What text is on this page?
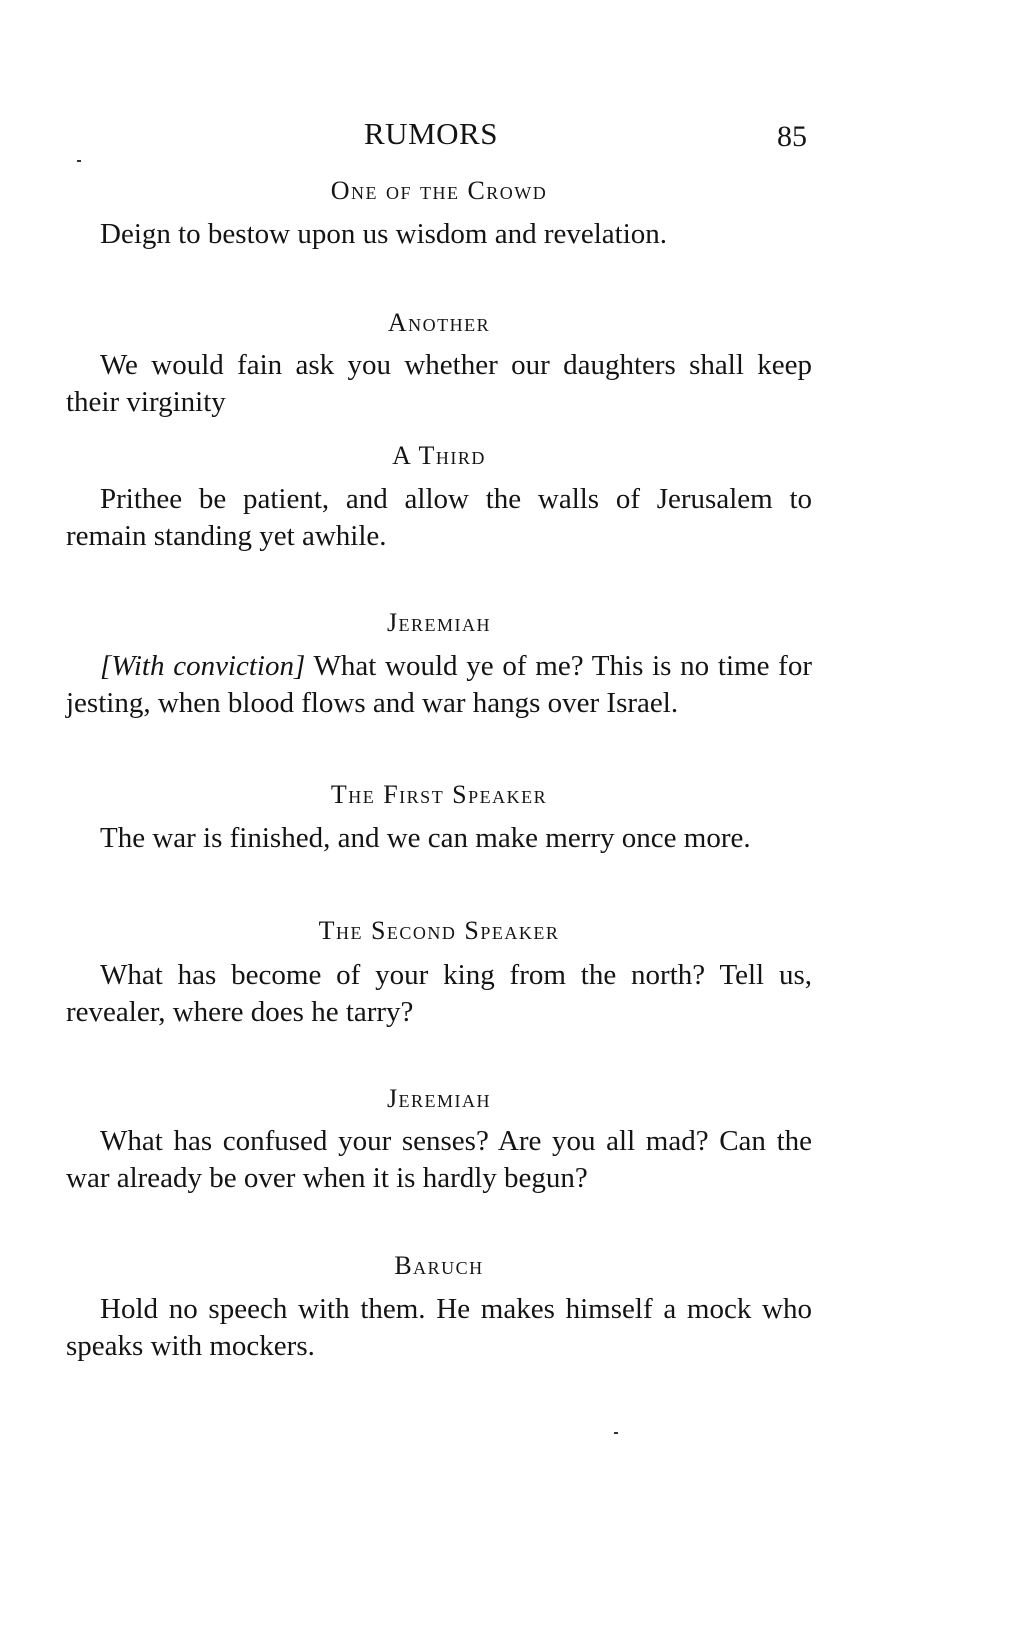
RUMORS	85
One of the Crowd

Deign to bestow upon us wisdom and revelation.

Another

We would fain ask you whether our daughters shall keep their virginity

A Third

Prithee be patient, and allow the walls of Jerusalem to remain standing yet awhile.

Jeremiah

[With conviction] What would ye of me? This is no time for jesting, when blood flows and war hangs over Israel.

The First Speaker

The war is finished, and we can make merry once more.

The Second Speaker

What has become of your king from the north? Tell us, revealer, where does he tarry?

Jeremiah

What has confused your senses? Are you all mad? Can the war already be over when it is hardly begun?

Baruch

Hold no speech with them. He makes himself a mock who speaks with mockers.
